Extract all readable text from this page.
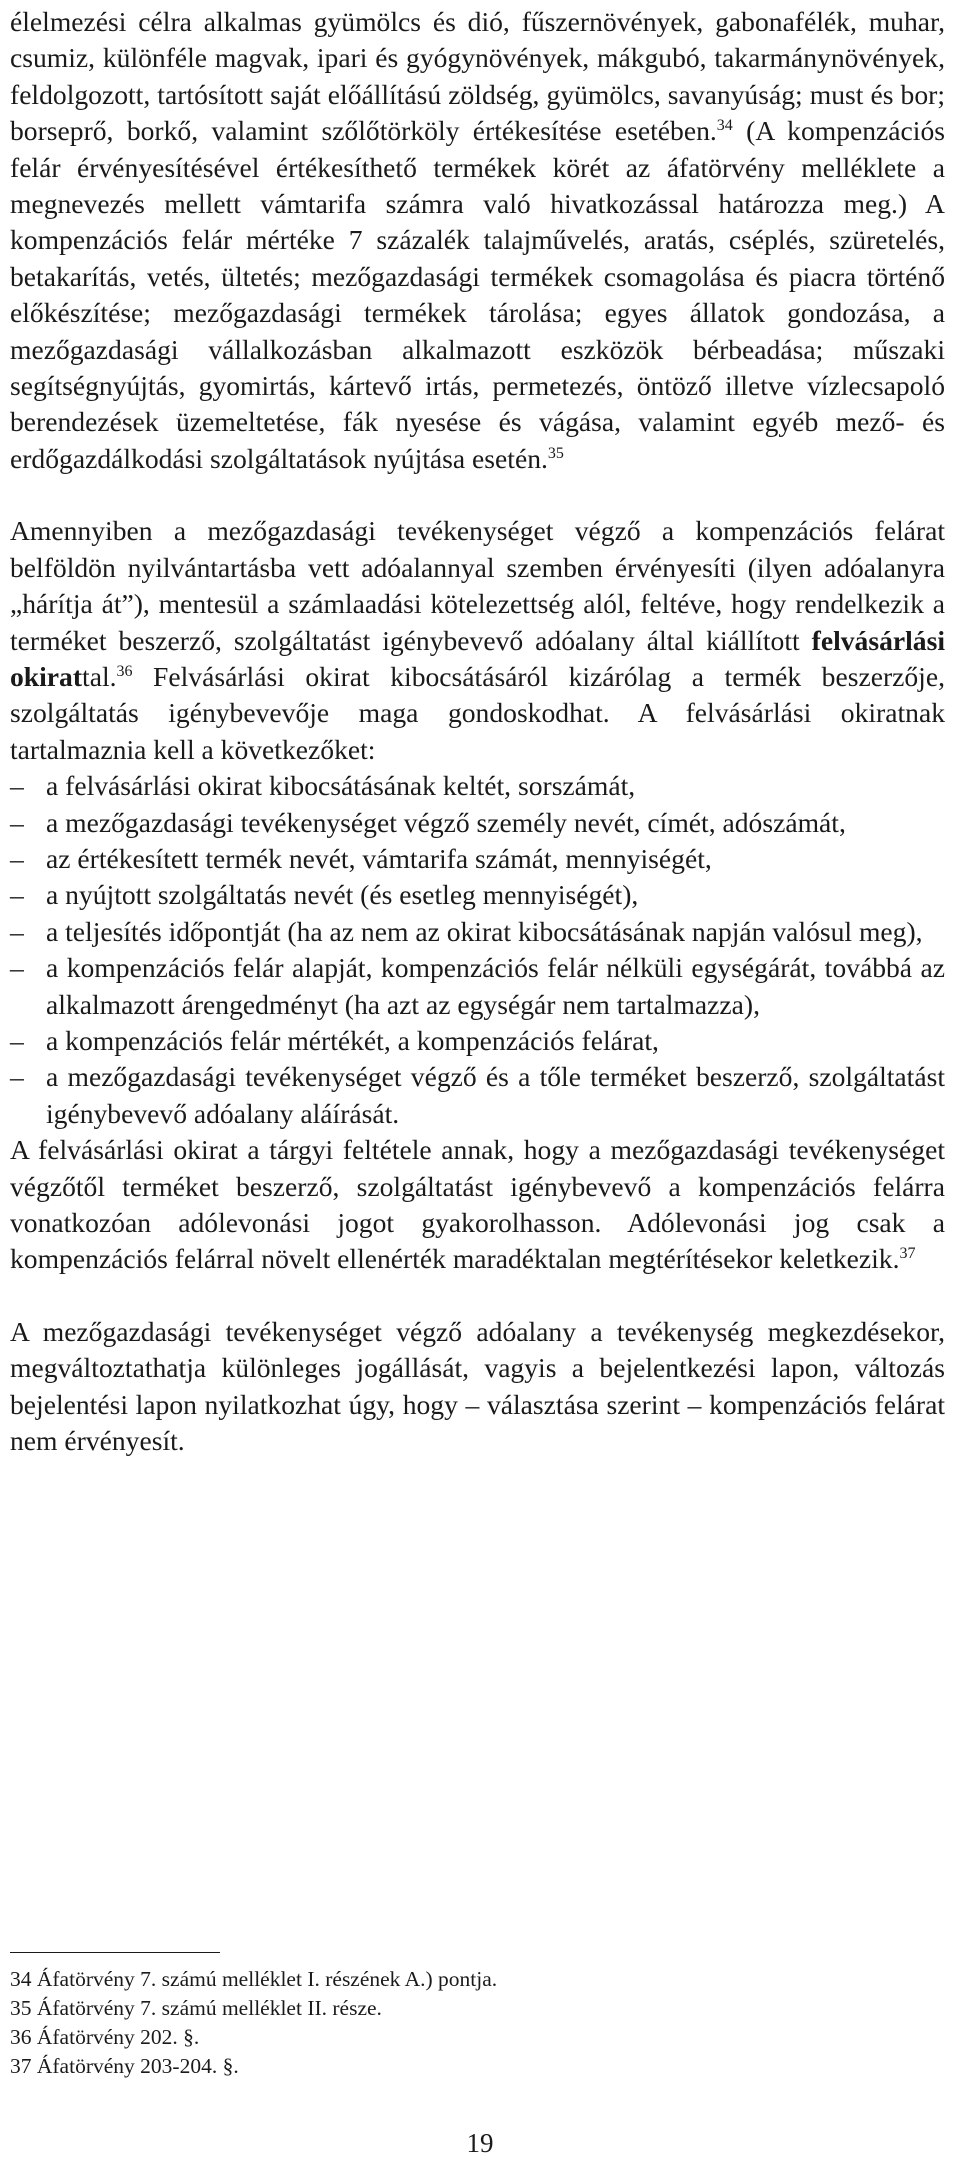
élelmezési célra alkalmas gyümölcs és dió, fűszernövények, gabonafélék, muhar, csumiz, különféle magvak, ipari és gyógynövények, mákgubó, takarmánynövények, feldolgozott, tartósított saját előállítású zöldség, gyümölcs, savanyúság; must és bor; borseprő, borkő, valamint szőlőtörköly értékesítése esetében.$^{34}$ (A kompenzációs felár érvényesítésével értékesíthető termékek körét az áfatörvény melléklete a megnevezés mellett vámtarifa számra való hivatkozással határozza meg.) A kompenzációs felár mértéke 7 százalék talajművelés, aratás, cséplés, szüretelés, betakarítás, vetés, ültetés; mezőgazdasági termékek csomagolása és piacra történő előkészítése; mezőgazdasági termékek tárolása; egyes állatok gondozása, a mezőgazdasági vállalkozásban alkalmazott eszközök bérbeadása; műszaki segítségnyújtás, gyomirtás, kártevő irtás, permetezés, öntöző illetve vízlecsapoló berendezések üzemeltetése, fák nyesése és vágása, valamint egyéb mező- és erdőgazdálkodási szolgáltatások nyújtása esetén.$^{35}$

Amennyiben a mezőgazdasági tevékenységet végző a kompenzációs felárat belföldön nyilvántartásba vett adóalannyal szemben érvényesíti (ilyen adóalanyra „hárítja át”), mentesül a számlaadási kötelezettség alól, feltéve, hogy rendelkezik a terméket beszerző, szolgáltatást igénybevevő adóalany által kiállított felvásárlási okirattal.$^{36}$ Felvásárlási okirat kibocsátásáról kizárólag a termék beszerzője, szolgáltatás igénybevevője maga gondoskodhat. A felvásárlási okiratnak tartalmaznia kell a következőket:

– a felvásárlási okirat kibocsátásának keltét, sorszámát,
– a mezőgazdasági tevékenységet végző személy nevét, címét, adószámát,
– az értékesített termék nevét, vámtarifa számát, mennyiségét,
– a nyújtott szolgáltatás nevét (és esetleg mennyiségét),
– a teljesítés időpontját (ha az nem az okirat kibocsátásának napján valósul meg),
– a kompenzációs felár alapját, kompenzációs felár nélküli egységárát, továbbá az alkalmazott árengedményt (ha azt az egységár nem tartalmazza),
– a kompenzációs felár mértékét, a kompenzációs felárat,
– a mezőgazdasági tevékenységet végző és a tőle terméket beszerző, szolgáltatást igénybevevő adóalany aláírását.

A felvásárlási okirat a tárgyi feltétele annak, hogy a mezőgazdasági tevékenységet végzőtől terméket beszerző, szolgáltatást igénybevevő a kompenzációs felárra vonatkozóan adólevonási jogot gyakorolhasson. Adólevonási jog csak a kompenzációs felárral növelt ellenérték maradéktalan megtérítésekor keletkezik.$^{37}$

A mezőgazdasági tevékenységet végző adóalany a tevékenység megkezdésekor, megváltoztathatja különleges jogállását, vagyis a bejelentkezési lapon, változás bejelentési lapon nyilatkozhat úgy, hogy – választása szerint – kompenzációs felárat nem érvényesít.

34 Áfatörvény 7. számú melléklet I. részének A.) pontja.
35 Áfatörvény 7. számú melléklet II. része.
36 Áfatörvény 202. §.
37 Áfatörvény 203-204. §.
19
